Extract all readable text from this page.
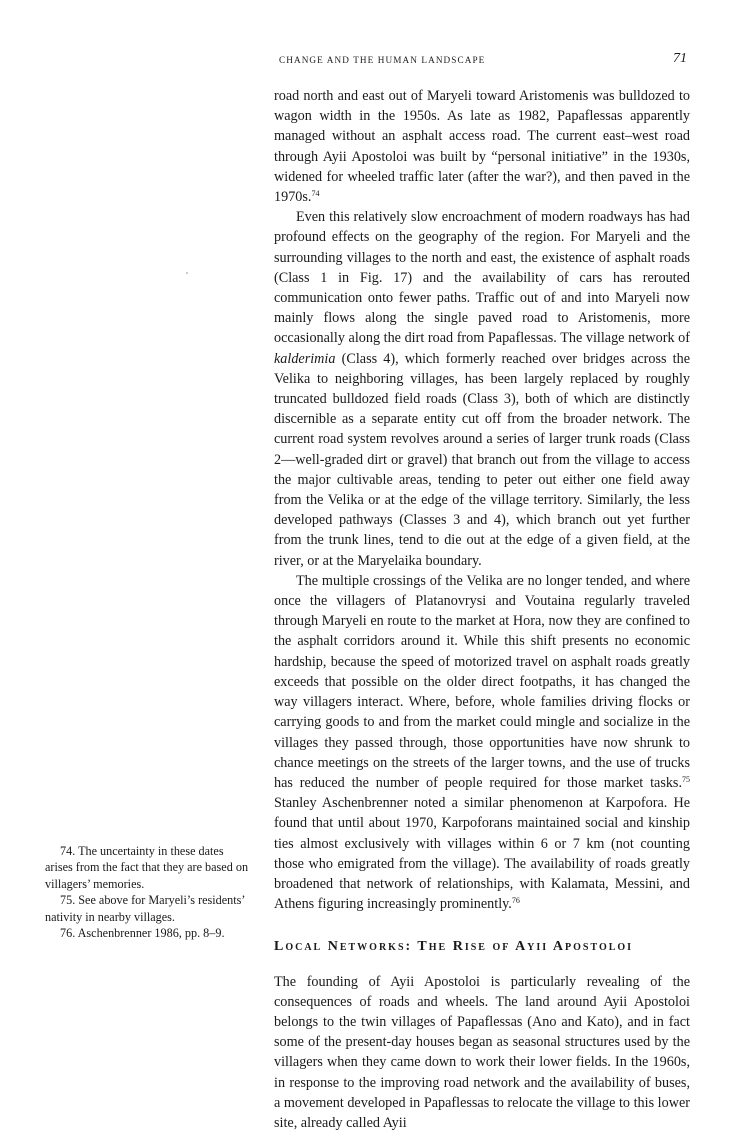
CHANGE AND THE HUMAN LANDSCAPE	71

road north and east out of Maryeli toward Aristomenis was bulldozed to wagon width in the 1950s. As late as 1982, Papaflessas apparently managed without an asphalt access road. The current east–west road through Ayii Apostoloi was built by “personal initiative” in the 1930s, widened for wheeled traffic later (after the war?), and then paved in the 1970s.$^{74}$

Even this relatively slow encroachment of modern roadways has had profound effects on the geography of the region. For Maryeli and the surrounding villages to the north and east, the existence of asphalt roads (Class 1 in Fig. 17) and the availability of cars has rerouted communication onto fewer paths. Traffic out of and into Maryeli now mainly flows along the single paved road to Aristomenis, more occasionally along the dirt road from Papaflessas. The village network of kalderimia (Class 4), which formerly reached over bridges across the Velika to neighboring villages, has been largely replaced by roughly truncated bulldozed field roads (Class 3), both of which are distinctly discernible as a separate entity cut off from the broader network. The current road system revolves around a series of larger trunk roads (Class 2—well-graded dirt or gravel) that branch out from the village to access the major cultivable areas, tending to peter out either one field away from the Velika or at the edge of the village territory. Similarly, the less developed pathways (Classes 3 and 4), which branch out yet further from the trunk lines, tend to die out at the edge of a given field, at the river, or at the Maryelaika boundary.

The multiple crossings of the Velika are no longer tended, and where once the villagers of Platanovrysi and Voutaina regularly traveled through Maryeli en route to the market at Hora, now they are confined to the asphalt corridors around it. While this shift presents no economic hardship, because the speed of motorized travel on asphalt roads greatly exceeds that possible on the older direct footpaths, it has changed the way villagers interact. Where, before, whole families driving flocks or carrying goods to and from the market could mingle and socialize in the villages they passed through, those opportunities have now shrunk to chance meetings on the streets of the larger towns, and the use of trucks has reduced the number of people required for those market tasks.$^{75}$ Stanley Aschenbrenner noted a similar phenomenon at Karpofora. He found that until about 1970, Karpoforans maintained social and kinship ties almost exclusively with villages within 6 or 7 km (not counting those who emigrated from the village). The availability of roads greatly broadened that network of relationships, with Kalamata, Messini, and Athens figuring increasingly prominently.$^{76}$

Local Networks: The Rise of Ayii Apostoloi

The founding of Ayii Apostoloi is particularly revealing of the consequences of roads and wheels. The land around Ayii Apostoloi belongs to the twin villages of Papaflessas (Ano and Kato), and in fact some of the present-day houses began as seasonal structures used by the villagers when they came down to work their lower fields. In the 1960s, in response to the improving road network and the availability of buses, a movement developed in Papaflessas to relocate the village to this lower site, already called Ayii

74. The uncertainty in these dates arises from the fact that they are based on villagers’ memories.

75. See above for Maryeli’s residents’ nativity in nearby villages.

76. Aschenbrenner 1986, pp. 8–9.
